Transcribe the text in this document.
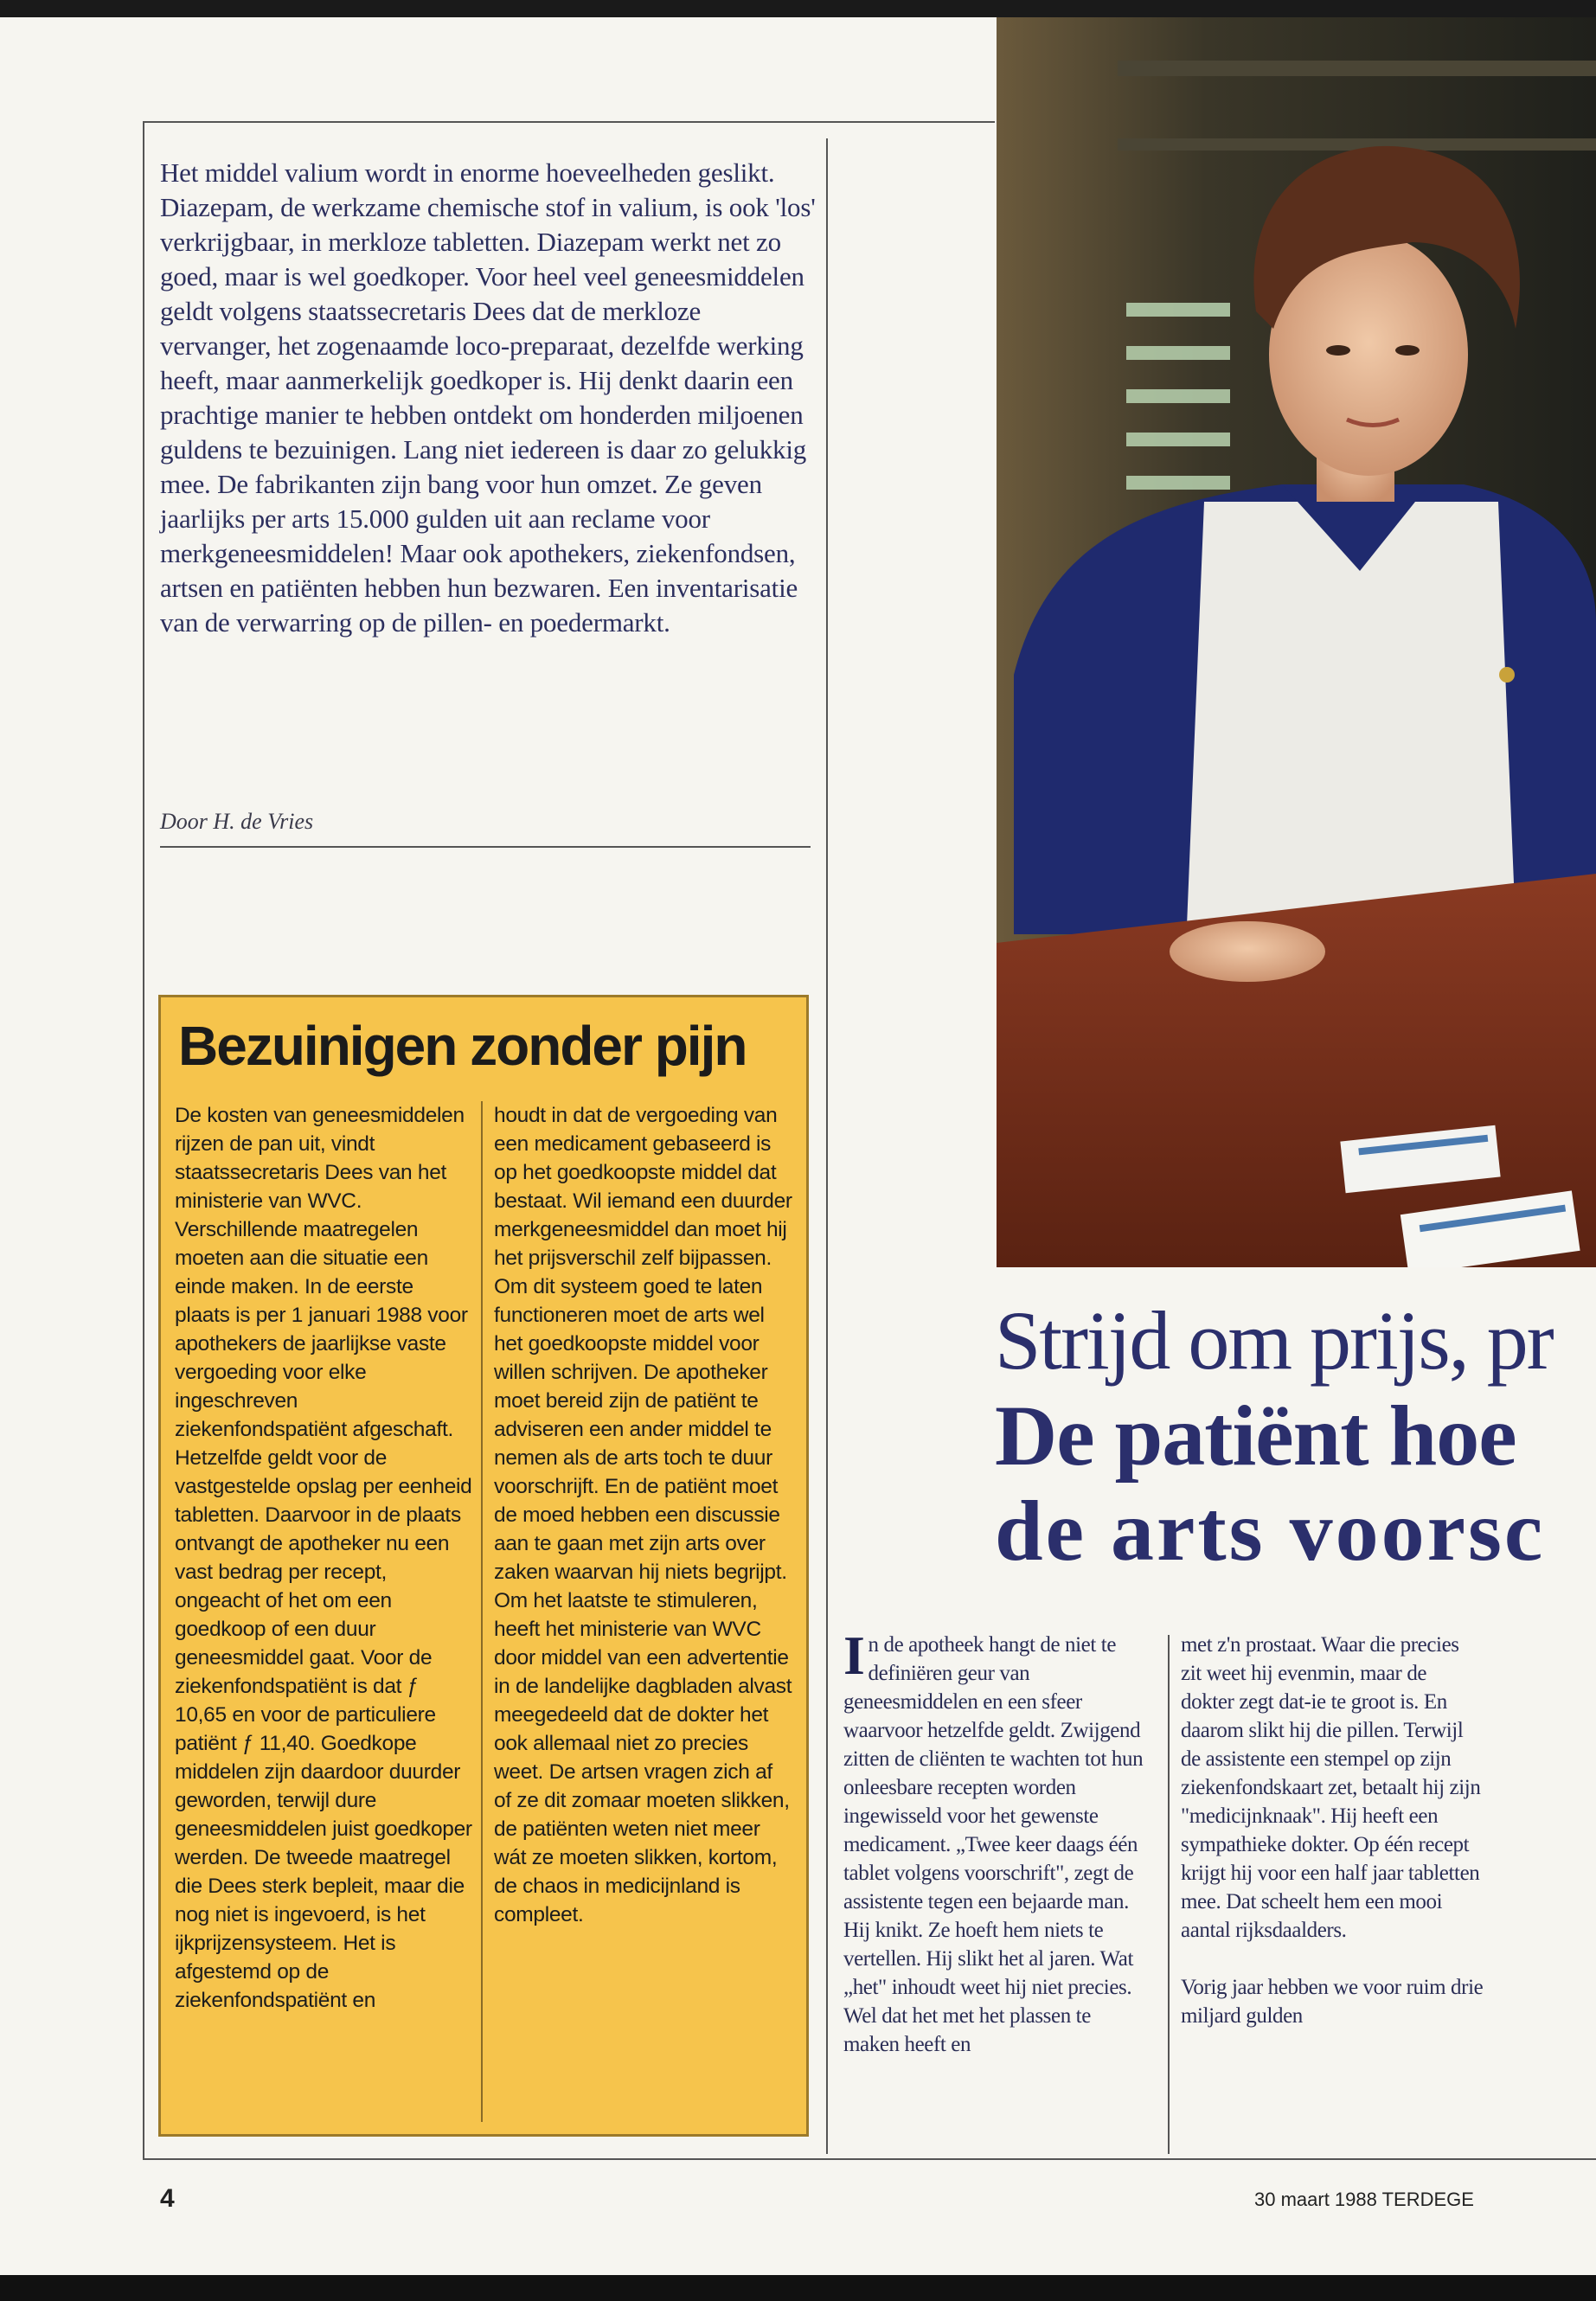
Het middel valium wordt in enorme hoeveelheden geslikt. Diazepam, de werkzame chemische stof in valium, is ook 'los' verkrijgbaar, in merkloze tabletten. Diazepam werkt net zo goed, maar is wel goedkoper. Voor heel veel geneesmiddelen geldt volgens staatssecretaris Dees dat de merkloze vervanger, het zogenaamde loco-preparaat, dezelfde werking heeft, maar aanmerkelijk goedkoper is. Hij denkt daarin een prachtige manier te hebben ontdekt om honderden miljoenen guldens te bezuinigen. Lang niet iedereen is daar zo gelukkig mee. De fabrikanten zijn bang voor hun omzet. Ze geven jaarlijks per arts 15.000 gulden uit aan reclame voor merkgeneesmiddelen! Maar ook apothekers, ziekenfondsen, artsen en patiënten hebben hun bezwaren. Een inventarisatie van de verwarring op de pillen- en poedermarkt.
Door H. de Vries
Bezuinigen zonder pijn
De kosten van geneesmiddelen rijzen de pan uit, vindt staatssecretaris Dees van het ministerie van WVC. Verschillende maatregelen moeten aan die situatie een einde maken. In de eerste plaats is per 1 januari 1988 voor apothekers de jaarlijkse vaste vergoeding voor elke ingeschreven ziekenfondspatiënt afgeschaft. Hetzelfde geldt voor de vastgestelde opslag per eenheid tabletten. Daarvoor in de plaats ontvangt de apotheker nu een vast bedrag per recept, ongeacht of het om een goedkoop of een duur geneesmiddel gaat. Voor de ziekenfondspatiënt is dat ƒ 10,65 en voor de particuliere patiënt ƒ 11,40. Goedkope middelen zijn daardoor duurder geworden, terwijl dure geneesmiddelen juist goedkoper werden. De tweede maatregel die Dees sterk bepleit, maar die nog niet is ingevoerd, is het ijkprijzensysteem. Het is afgestemd op de ziekenfondspatiënt en
houdt in dat de vergoeding van een medicament gebaseerd is op het goedkoopste middel dat bestaat. Wil iemand een duurder merkgeneesmiddel dan moet hij het prijsverschil zelf bijpassen. Om dit systeem goed te laten functioneren moet de arts wel het goedkoopste middel voor willen schrijven. De apotheker moet bereid zijn de patiënt te adviseren een ander middel te nemen als de arts toch te duur voorschrijft. En de patiënt moet de moed hebben een discussie aan te gaan met zijn arts over zaken waarvan hij niets begrijpt. Om het laatste te stimuleren, heeft het ministerie van WVC door middel van een advertentie in de landelijke dagbladen alvast meegedeeld dat de dokter het ook allemaal niet zo precies weet. De artsen vragen zich af of ze dit zomaar moeten slikken, de patiënten weten niet meer wát ze moeten slikken, kortom, de chaos in medicijnland is compleet.
Strijd om prijs, pr
De patiënt hoe
de arts voorsc
In de apotheek hangt de niet te definiëren geur van geneesmiddelen en een sfeer waarvoor hetzelfde geldt. Zwijgend zitten de cliënten te wachten tot hun onleesbare recepten worden ingewisseld voor het gewenste medicament. „Twee keer daags één tablet volgens voorschrift", zegt de assistente tegen een bejaarde man. Hij knikt. Ze hoeft hem niets te vertellen. Hij slikt het al jaren. Wat „het" inhoudt weet hij niet precies. Wel dat het met het plassen te maken heeft en
met z'n prostaat. Waar die precies zit weet hij evenmin, maar de dokter zegt dat-ie te groot is. En daarom slikt hij die pillen. Terwijl de assistente een stempel op zijn ziekenfondskaart zet, betaalt hij zijn "medicijnknaak". Hij heeft een sympathieke dokter. Op één recept krijgt hij voor een half jaar tabletten mee. Dat scheelt hem een mooi aantal rijksdaalders.
Vorig jaar hebben we voor ruim drie miljard gulden
4	30 maart 1988 TERDEGE
